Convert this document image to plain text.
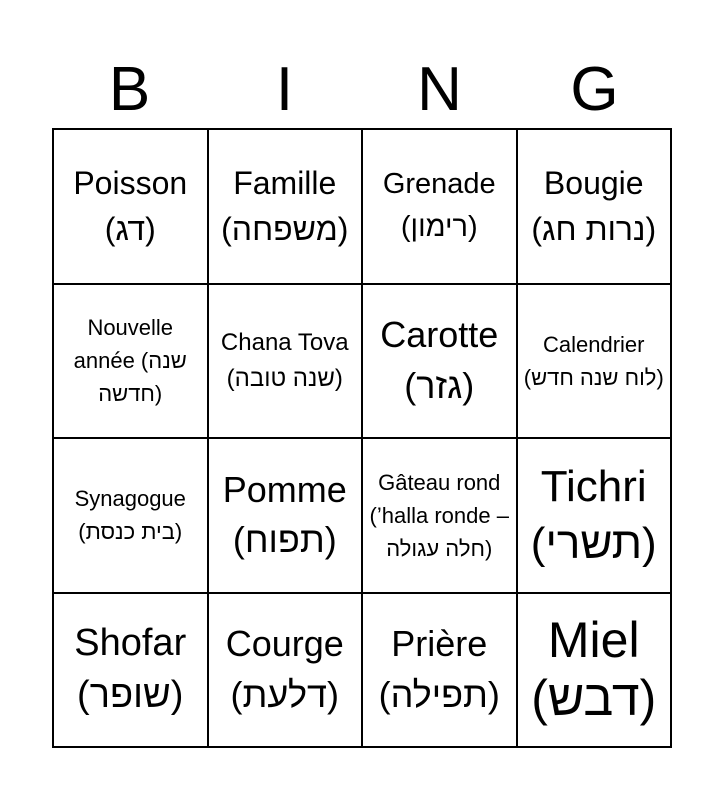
B	I	N	G
Poisson (דג)
Famille (משפחה)
Grenade (רימון)
Bougie (נרות חג)
Nouvelle année (שנה חדשה)
Chana Tova (שנה טובה)
Carotte (גזר)
Calendrier (לוח שנה חדש)
Synagogue (בית כנסת)
Pomme (תפוח)
Gâteau rond (’halla ronde – חלה עגולה)
Tichri (תשרי)
Shofar (שופר)
Courge (דלעת)
Prière (תפילה)
Miel (דבש)
